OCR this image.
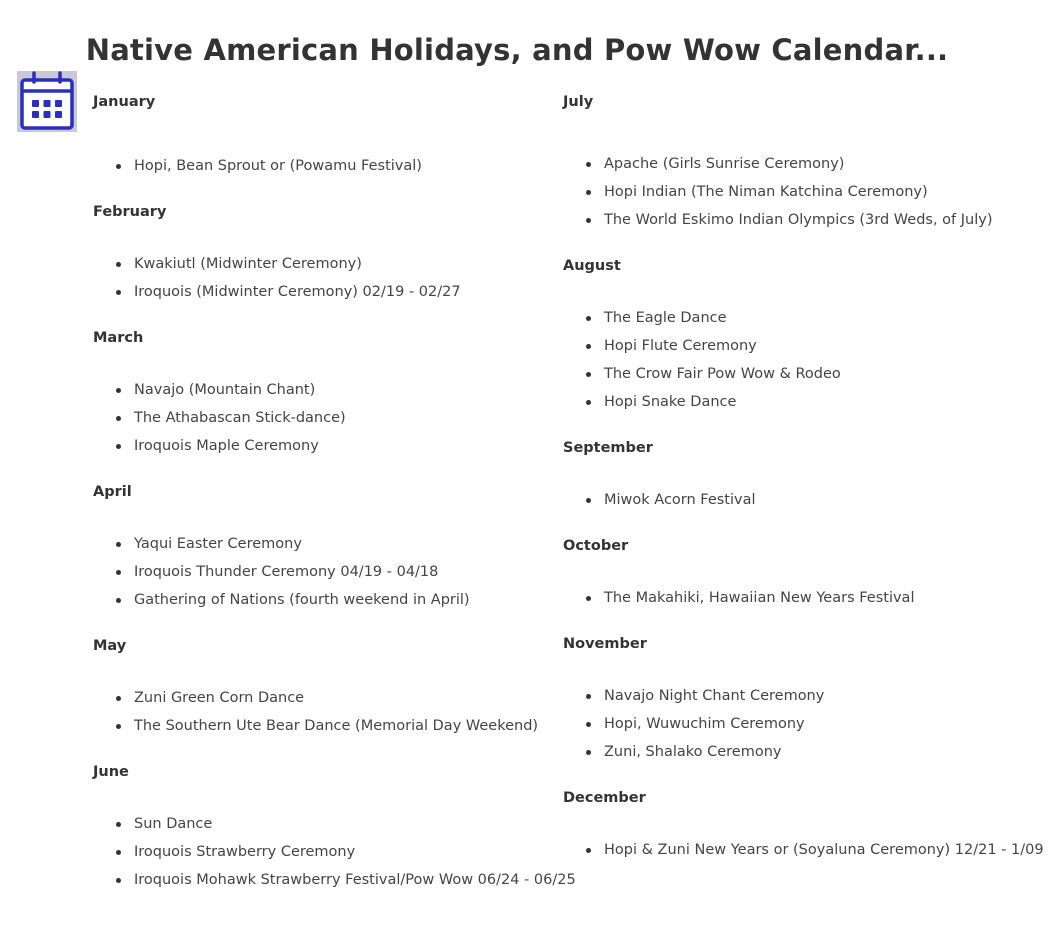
Native American Holidays, and Pow Wow Calendar...
January
Hopi, Bean Sprout or (Powamu Festival)
February
Kwakiutl (Midwinter Ceremony)
Iroquois (Midwinter Ceremony) 02/19 - 02/27
March
Navajo (Mountain Chant)
The Athabascan Stick-dance)
Iroquois Maple Ceremony
April
Yaqui Easter Ceremony
Iroquois Thunder Ceremony 04/19 - 04/18
Gathering of Nations (fourth weekend in April)
May
Zuni Green Corn Dance
The Southern Ute Bear Dance (Memorial Day Weekend)
June
Sun Dance
Iroquois Strawberry Ceremony
Iroquois Mohawk Strawberry Festival/Pow Wow 06/24 - 06/25
July
Apache (Girls Sunrise Ceremony)
Hopi Indian (The Niman Katchina Ceremony)
The World Eskimo Indian Olympics (3rd Weds, of July)
August
The Eagle Dance
Hopi Flute Ceremony
The Crow Fair Pow Wow & Rodeo
Hopi Snake Dance
September
Miwok Acorn Festival
October
The Makahiki, Hawaiian New Years Festival
November
Navajo Night Chant Ceremony
Hopi, Wuwuchim Ceremony
Zuni, Shalako Ceremony
December
Hopi & Zuni New Years or (Soyaluna Ceremony) 12/21 - 1/09
